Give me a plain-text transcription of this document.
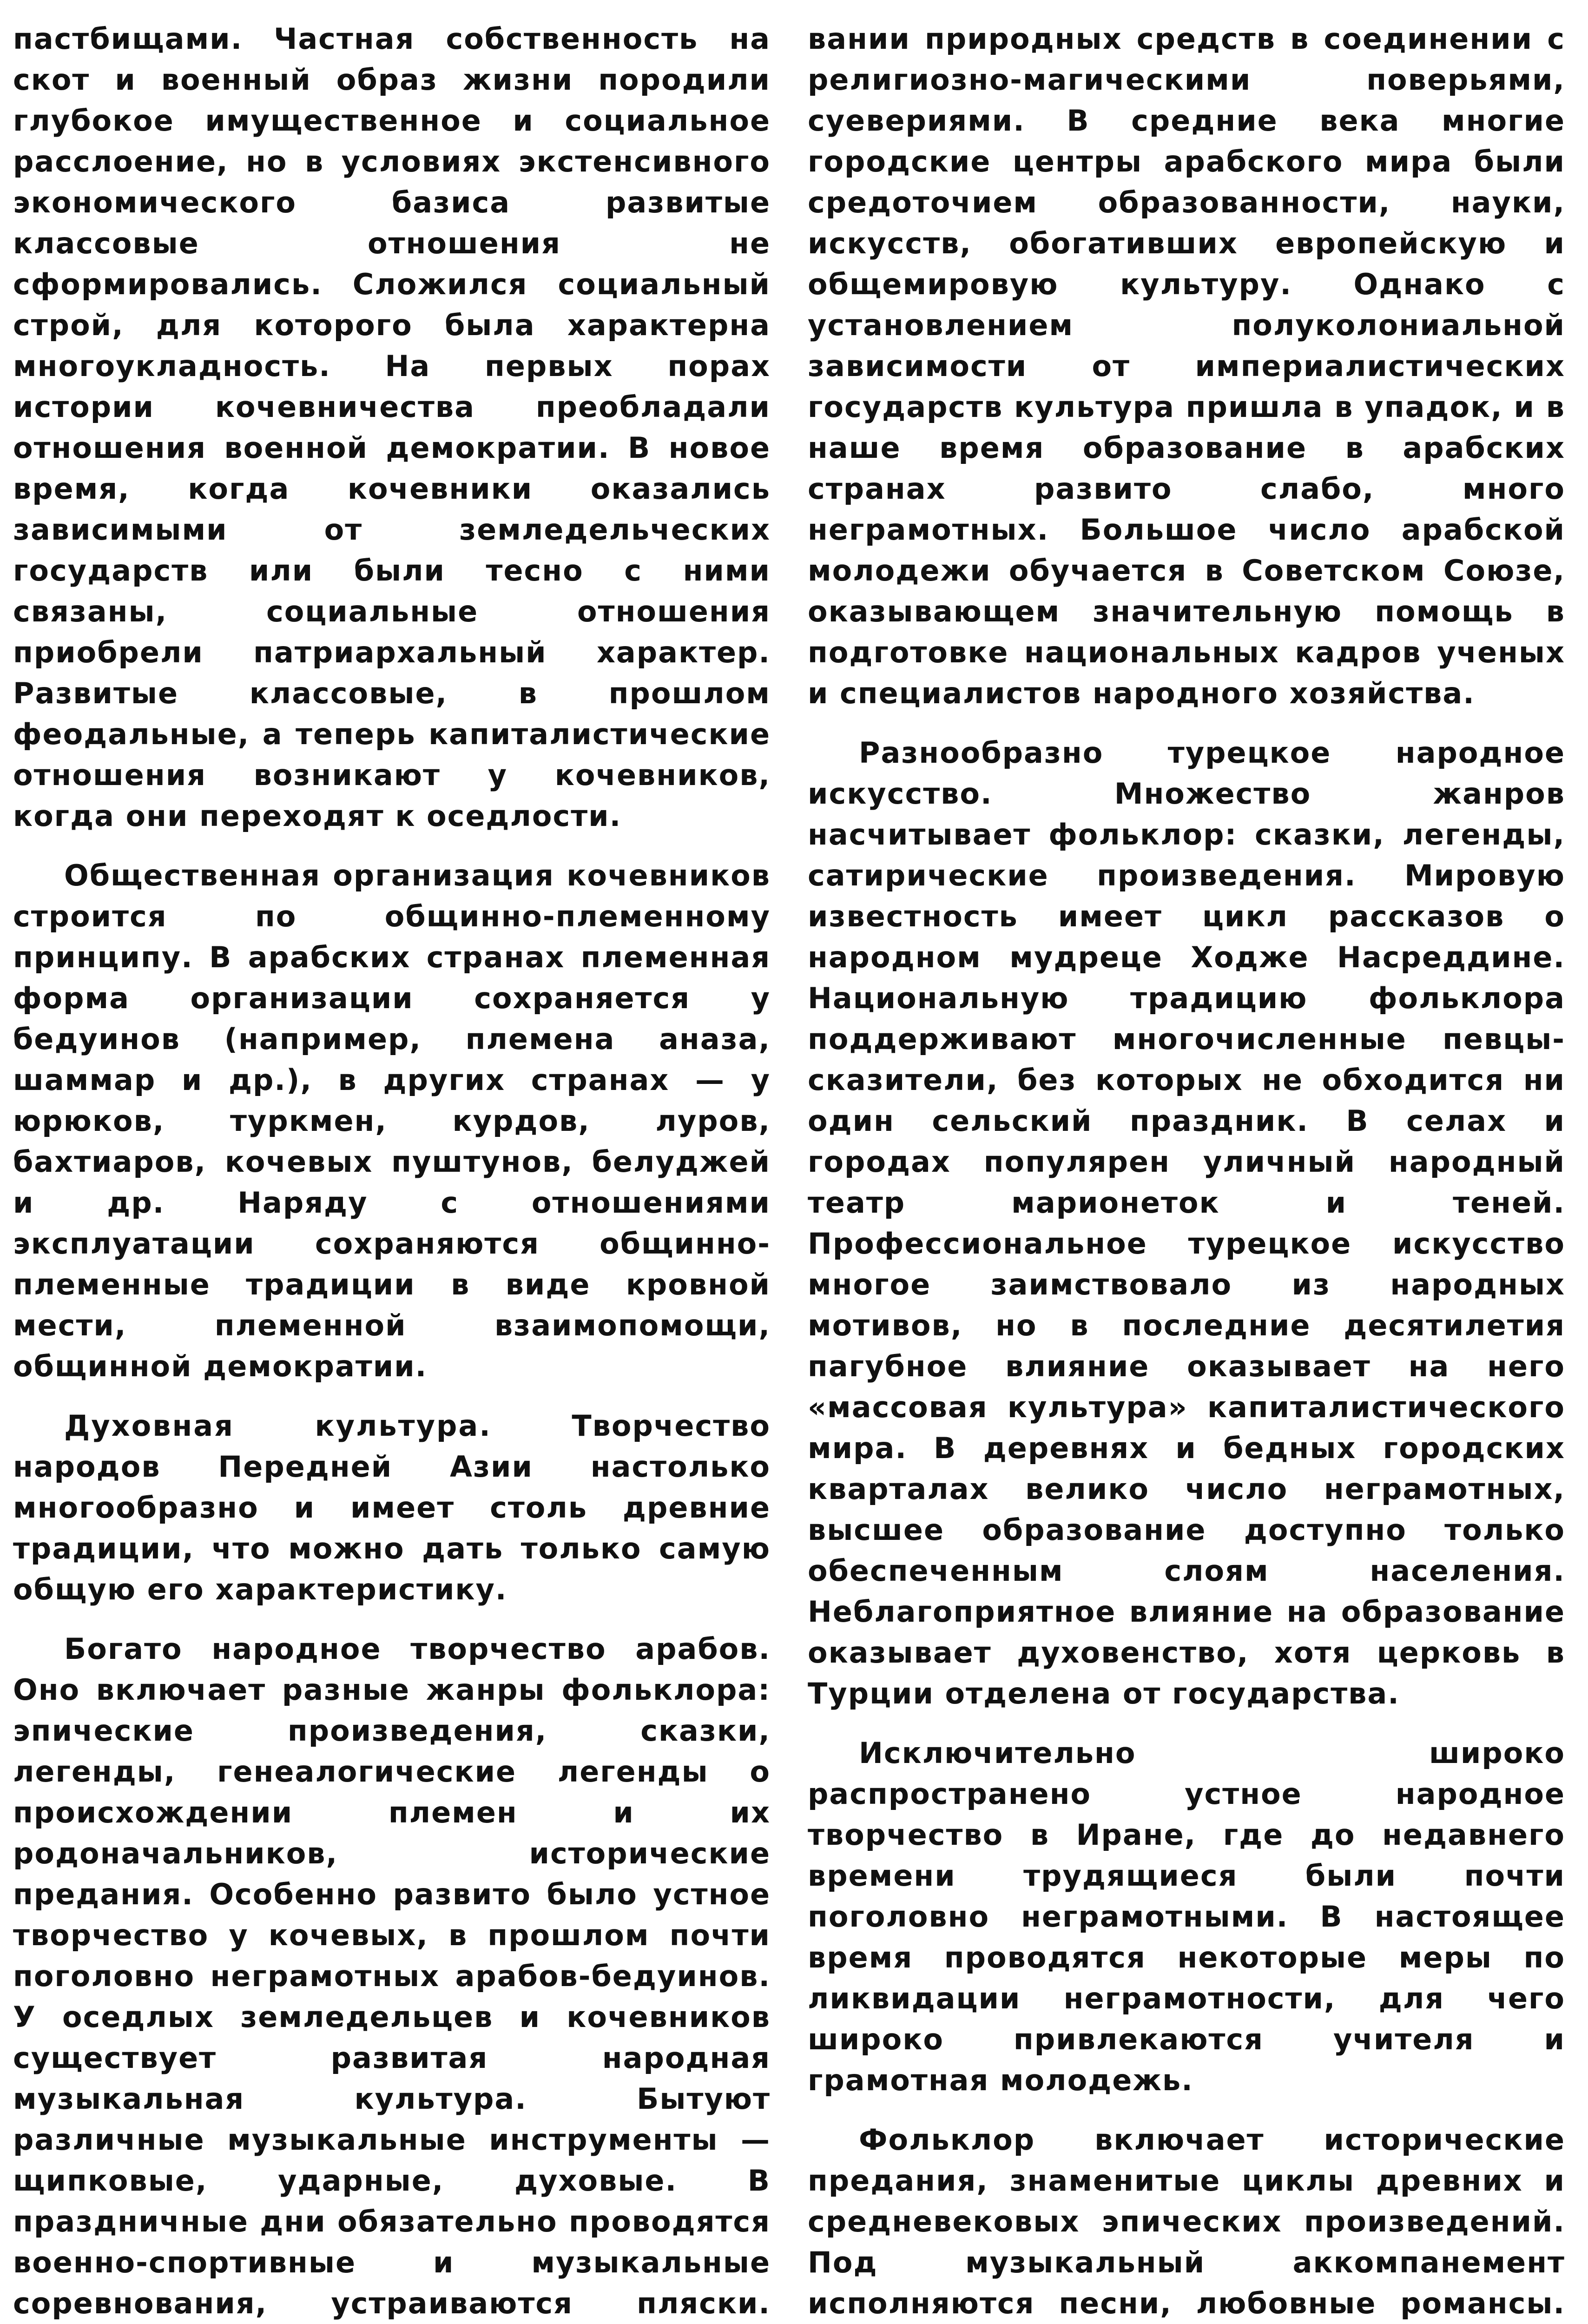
пастбищами. Частная собственность на скот и военный образ жизни породили глубокое имущественное и социальное расслоение, но в условиях экстенсивного экономического базиса развитые классовые отношения не сформировались. Сложился социальный строй, для которого была характерна многоукладность. На первых порах истории кочевничества преобладали отношения военной демократии. В новое время, когда кочевники оказались зависимыми от земледельческих государств или были тесно с ними связаны, социальные отношения приобрели патриархальный характер. Развитые классовые, в прошлом феодальные, а теперь капиталистические отношения возникают у кочевников, когда они переходят к оседлости.

Общественная организация кочевников строится по общинно-племенному принципу. В арабских странах племенная форма организации сохраняется у бедуинов (например, племена аназа, шаммар и др.), в других странах — у юрюков, туркмен, курдов, луров, бахтиаров, кочевых пуштунов, белуджей и др. Наряду с отношениями эксплуатации сохраняются общинно-племенные традиции в виде кровной мести, племенной взаимопомощи, общинной демократии.

Духовная культура. Творчество народов Передней Азии настолько многообразно и имеет столь древние традиции, что можно дать только самую общую его характеристику.

Богато народное творчество арабов. Оно включает разные жанры фольклора: эпические произведения, сказки, легенды, генеалогические легенды о происхождении племен и их родоначальников, исторические предания. Особенно развито было устное творчество у кочевых, в прошлом почти поголовно неграмотных арабов-бедуинов. У оседлых земледельцев и кочевников существует развитая народная музыкальная культура. Бытуют различные музыкальные инструменты — щипковые, ударные, духовые. В праздничные дни обязательно проводятся военно-спортивные и музыкальные соревнования, устраиваются пляски.

вании природных средств в соединении с религиозно-магическими поверьями, суевериями. В средние века многие городские центры арабского мира были средоточием образованности, науки, искусств, обогативших европейскую и общемировую культуру. Однако с установлением полуколониальной зависимости от империалистических государств культура пришла в упадок, и в наше время образование в арабских странах развито слабо, много неграмотных. Большое число арабской молодежи обучается в Советском Союзе, оказывающем значительную помощь в подготовке национальных кадров ученых и специалистов народного хозяйства.

Разнообразно турецкое народное искусство. Множество жанров насчитывает фольклор: сказки, легенды, сатирические произведения. Мировую известность имеет цикл рассказов о народном мудреце Ходже Насреддине. Национальную традицию фольклора поддерживают многочисленные певцы-сказители, без которых не обходится ни один сельский праздник. В селах и городах популярен уличный народный театр марионеток и теней. Профессиональное турецкое искусство многое заимствовало из народных мотивов, но в последние десятилетия пагубное влияние оказывает на него «массовая культура» капиталистического мира. В деревнях и бедных городских кварталах велико число неграмотных, высшее образование доступно только обеспеченным слоям населения. Неблагоприятное влияние на образование оказывает духовенство, хотя церковь в Турции отделена от государства.

Исключительно широко распространено устное народное творчество в Иране, где до недавнего времени трудящиеся были почти поголовно неграмотными. В настоящее время проводятся некоторые меры по ликвидации неграмотности, для чего широко привлекаются учителя и грамотная молодежь.

Фольклор включает исторические предания, знаменитые циклы древних и средневековых эпических произведений. Под музыкальный аккомпанемент исполняются песни, любовные романсы.
